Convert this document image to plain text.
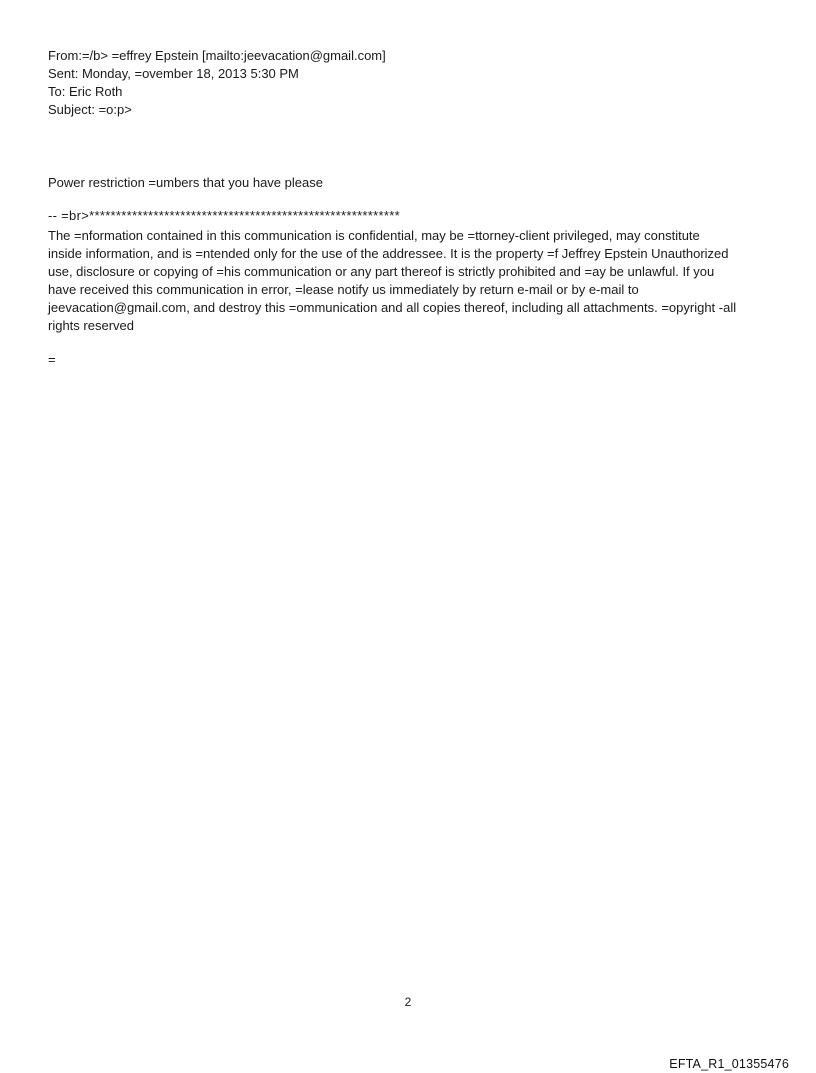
From:=/b> =effrey Epstein [mailto:jeevacation@gmail.com]
Sent: Monday, =ovember 18, 2013 5:30 PM
To: Eric Roth
Subject: =o:p>
Power restriction =umbers that you have please
-- =br>**********************************************************
The =nformation contained in this communication is confidential, may be =ttorney-client privileged, may constitute
inside information, and is =ntended only for the use of the addressee. It is the property =f Jeffrey Epstein Unauthorized
use, disclosure or copying of =his communication or any part thereof is strictly prohibited and =ay be unlawful. If you
have received this communication in error, =lease notify us immediately by return e-mail or by e-mail to
jeevacation@gmail.com, and destroy this =ommunication and all copies thereof, including all attachments. =opyright -all
rights reserved
=
2
EFTA_R1_01355476
